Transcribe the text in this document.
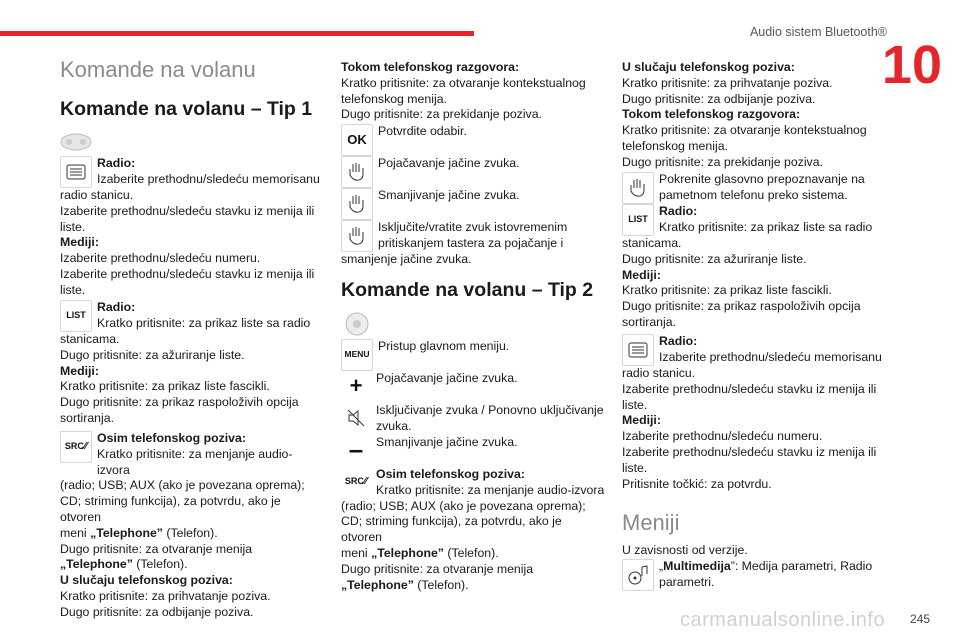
Audio sistem Bluetooth®
10
245
carmanualsonline.info
Komande na volanu
Komande na volanu – Tip 1

Radio:

Izaberite prethodnu/sledeću memorisanu

radio stanicu.

Izaberite prethodnu/sledeću stavku iz menija ili

liste.

Mediji:

Izaberite prethodnu/sledeću numeru.

Izaberite prethodnu/sledeću stavku iz menija ili

liste.

LIST

Radio:

Kratko pritisnite: za prikaz liste sa radio

stanicama.

Dugo pritisnite: za ažuriranje liste.

Mediji:

Kratko pritisnite: za prikaz liste fascikli.

Dugo pritisnite: za prikaz raspoloživih opcija

sortiranja.

SRC ⁄⁄

Osim telefonskog poziva:

Kratko pritisnite: za menjanje audio-izvora

(radio; USB; AUX (ako je povezana oprema);

CD; striming funkcija), za potvrdu, ako je otvoren

meni „Telephone” (Telefon).

Dugo pritisnite: za otvaranje menija

„Telephone” (Telefon).

U slučaju telefonskog poziva:

Kratko pritisnite: za prihvatanje poziva.

Dugo pritisnite: za odbijanje poziva.

Tokom telefonskog razgovora:

Kratko pritisnite: za otvaranje kontekstualnog

telefonskog menija.

Dugo pritisnite: za prekidanje poziva.

OK

Potvrdite odabir.

Pojačavanje jačine zvuka.

Smanjivanje jačine zvuka.

Isključite/vratite zvuk istovremenim

pritiskanjem tastera za pojačanje i

smanjenje jačine zvuka.

Komande na volanu – Tip 2
MENU

Pristup glavnom meniju.

+	Pojačavanje jačine zvuka.

Isključivanje zvuka / Ponovno uključivanje

zvuka.

–	Smanjivanje jačine zvuka.

SRC ⁄⁄

Osim telefonskog poziva:

Kratko pritisnite: za menjanje audio-izvora

(radio; USB; AUX (ako je povezana oprema);

CD; striming funkcija), za potvrdu, ako je otvoren

meni „Telephone” (Telefon).

Dugo pritisnite: za otvaranje menija

„Telephone” (Telefon).

U slučaju telefonskog poziva:

Kratko pritisnite: za prihvatanje poziva.

Dugo pritisnite: za odbijanje poziva.

Tokom telefonskog razgovora:

Kratko pritisnite: za otvaranje kontekstualnog

telefonskog menija.

Dugo pritisnite: za prekidanje poziva.

Pokrenite glasovno prepoznavanje na

pametnom telefonu preko sistema.

LIST

Radio:

Kratko pritisnite: za prikaz liste sa radio

stanicama.

Dugo pritisnite: za ažuriranje liste.

Mediji:

Kratko pritisnite: za prikaz liste fascikli.

Dugo pritisnite: za prikaz raspoloživih opcija

sortiranja.

Radio:

Izaberite prethodnu/sledeću memorisanu

radio stanicu.

Izaberite prethodnu/sledeću stavku iz menija ili

liste.

Mediji:

Izaberite prethodnu/sledeću numeru.

Izaberite prethodnu/sledeću stavku iz menija ili

liste.

Pritisnite točkić: za potvrdu.

Meniji

U zavisnosti od verzije.

„Multimedija”: Medija parametri, Radio

parametri.
